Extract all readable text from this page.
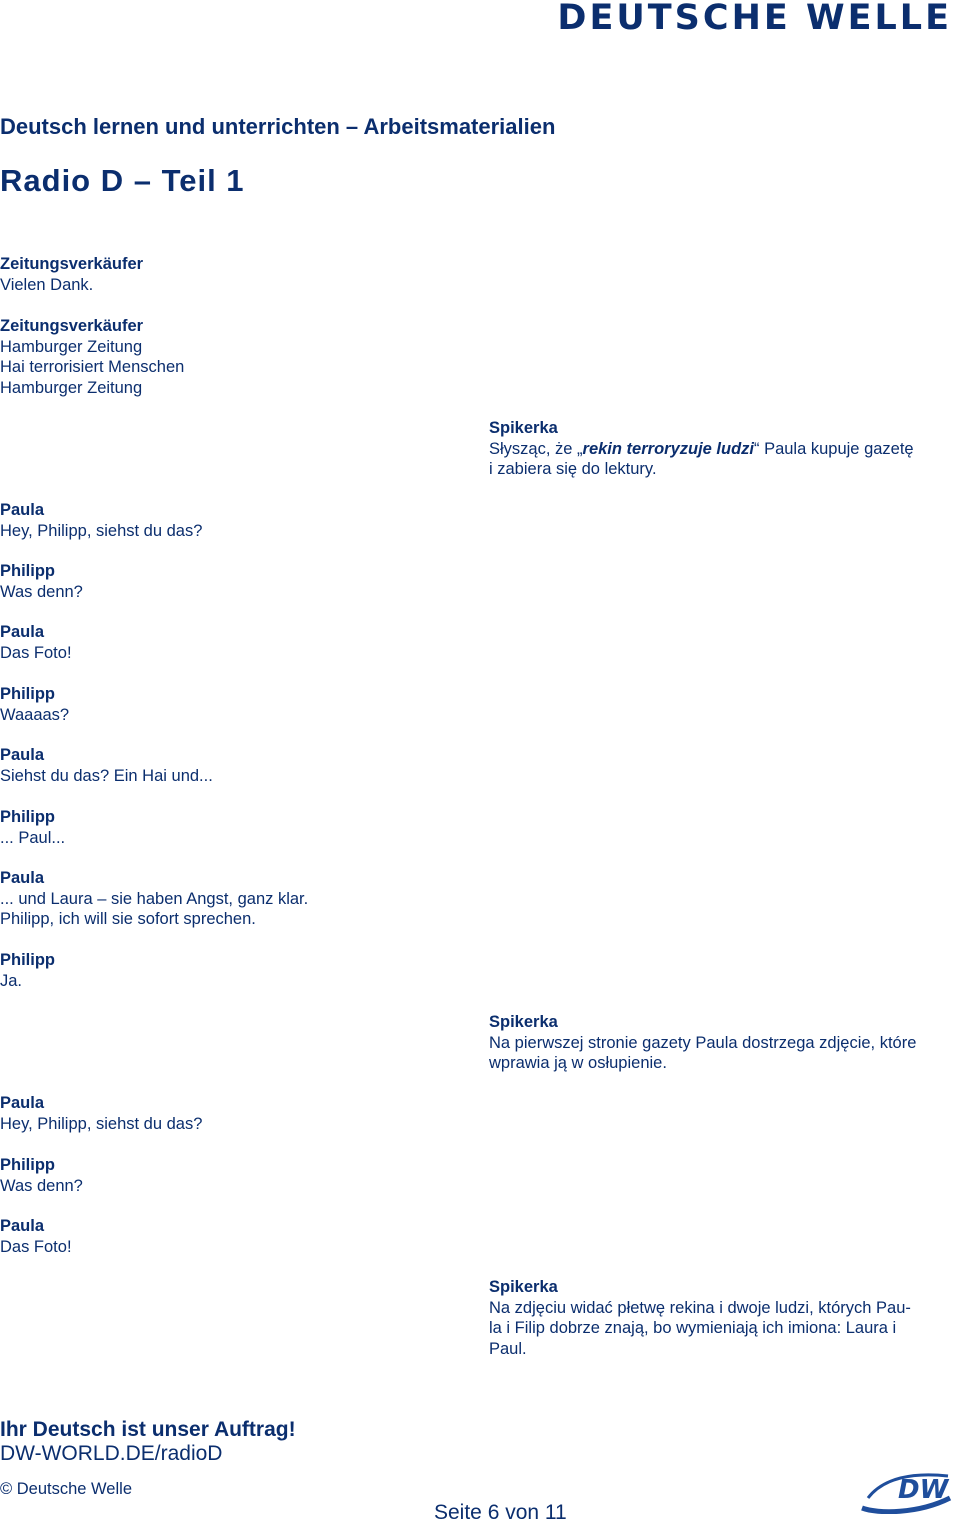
DEUTSCHE WELLE
Deutsch lernen und unterrichten – Arbeitsmaterialien
Radio D – Teil 1
Zeitungsverkäufer
Vielen Dank.
Zeitungsverkäufer
Hamburger Zeitung
Hai terrorisiert Menschen
Hamburger Zeitung
Spikerka
Słysząc, że „rekin terroryzuje ludzi“ Paula kupuje gazetę
i zabiera się do lektury.
Paula
Hey, Philipp, siehst du das?
Philipp
Was denn?
Paula
Das Foto!
Philipp
Waaaas?
Paula
Siehst du das? Ein Hai und...
Philipp
... Paul...
Paula
... und Laura – sie haben Angst, ganz klar.
Philipp, ich will sie sofort sprechen.
Philipp
Ja.
Spikerka
Na pierwszej stronie gazety Paula dostrzega zdjęcie, które
wprawia ją w osłupienie.
Paula
Hey, Philipp, siehst du das?
Philipp
Was denn?
Paula
Das Foto!
Spikerka
Na zdjęciu widać płetwę rekina i dwoje ludzi, których Pau-
la i Filip dobrze znają, bo wymieniają ich imiona: Laura i
Paul.
Ihr Deutsch ist unser Auftrag!
DW-WORLD.DE/radioD
© Deutsche Welle
Seite 6 von 11
DW
